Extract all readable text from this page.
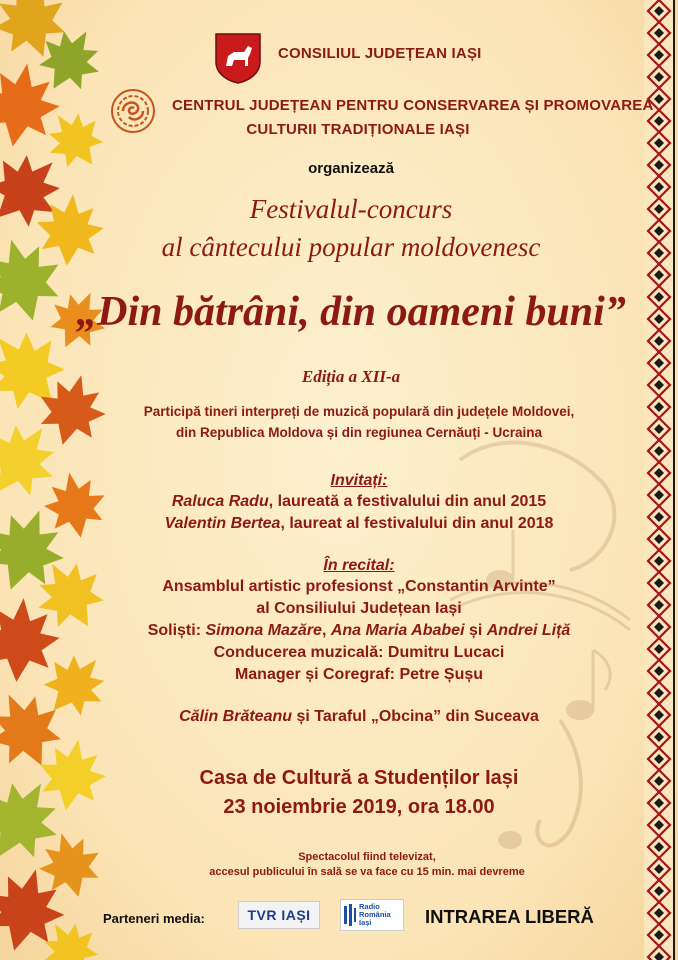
CONSILIUL JUDEȚEAN IAȘI
CENTRUL JUDEȚEAN PENTRU CONSERVAREA ȘI PROMOVAREA
CULTURII TRADIȚIONALE IAȘI
organizează
Festivalul-concurs
al cântecului popular moldovenesc
„Din bătrâni, din oameni buni”
Ediția a XII-a
Participă tineri interpreți de muzică populară din județele Moldovei,
din Republica Moldova și din regiunea Cernăuți - Ucraina
Invitați:
Raluca Radu, laureată a festivalului din anul 2015
Valentin Bertea, laureat al festivalului din anul 2018
În recital:
Ansamblul artistic profesionst „Constantin Arvinte”
al Consiliului Județean Iași
Soliști: Simona Mazăre, Ana Maria Ababei și Andrei Liță
Conducerea muzicală: Dumitru Lucaci
Manager și Coregraf: Petre Șușu
Călin Brăteanu și Taraful „Obcina” din Suceava
Casa de Cultură a Studenților Iași
23 noiembrie 2019, ora 18.00
Spectacolul fiind televizat,
accesul publicului în sală se va face cu 15 min. mai devreme
Parteneri media:	TVR IAȘI
Radio
România
Iași	INTRAREA LIBERĂ
